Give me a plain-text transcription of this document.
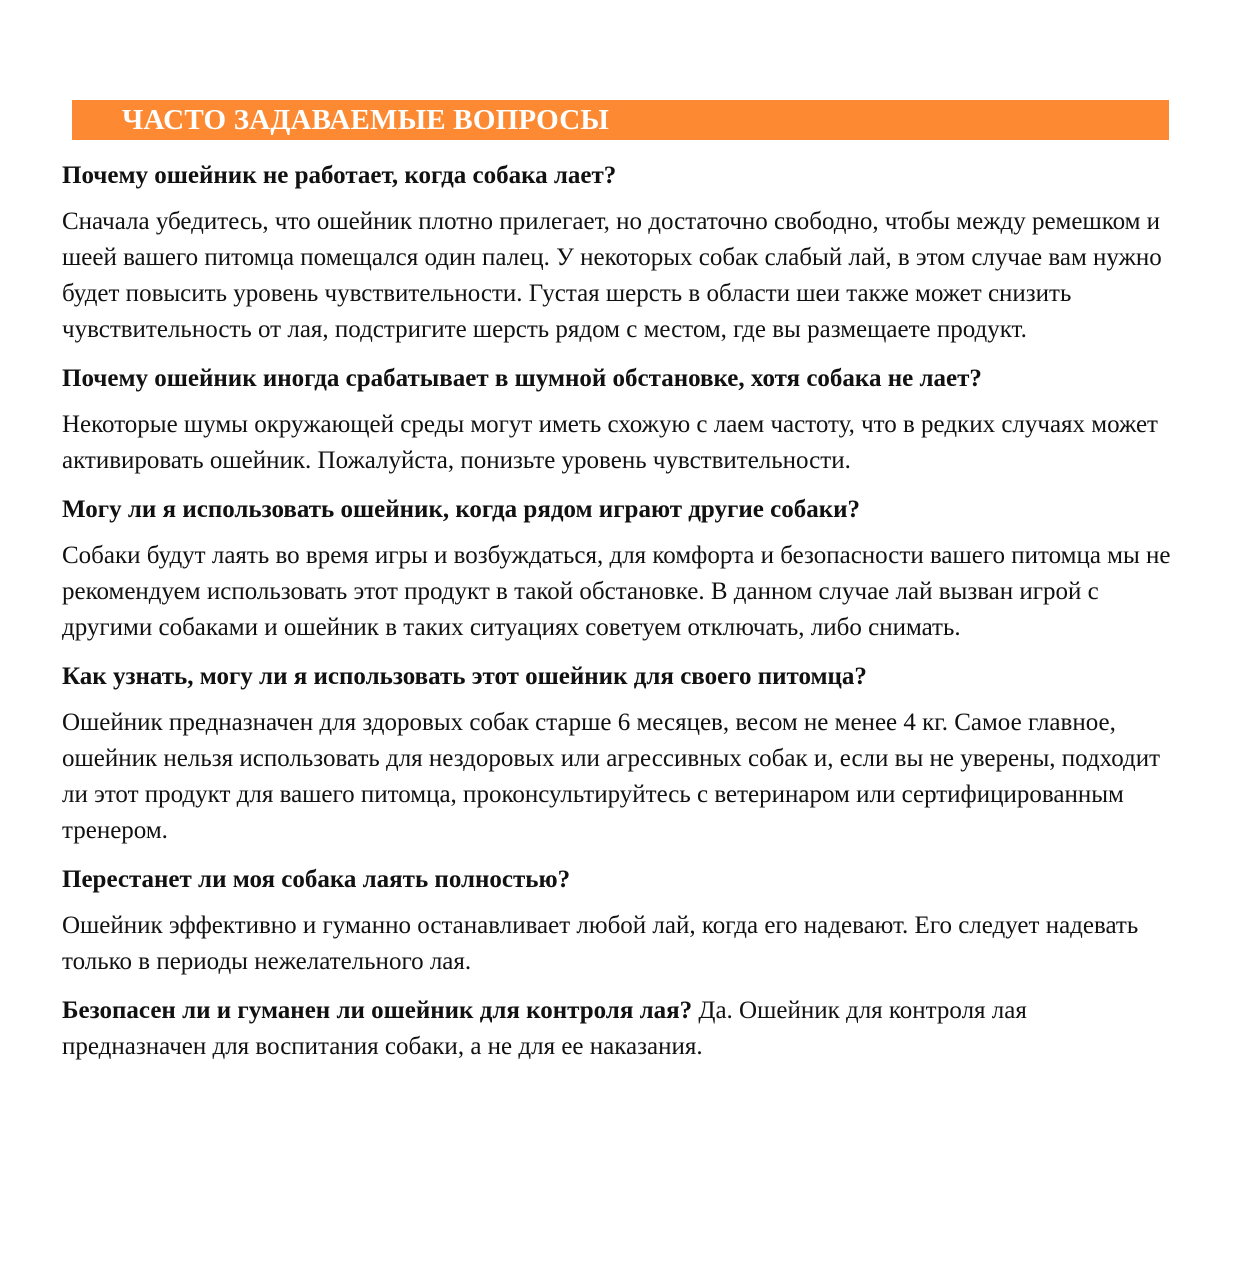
ЧАСТО ЗАДАВАЕМЫЕ ВОПРОСЫ

Почему ошейник не работает, когда собака лает?

Сначала убедитесь, что ошейник плотно прилегает, но достаточно свободно, чтобы между ремешком и шеей вашего питомца помещался один палец. У некоторых собак слабый лай, в этом случае вам нужно будет повысить уровень чувствительности. Густая шерсть в области шеи также может снизить чувствительность от лая, подстригите шерсть рядом с местом, где вы размещаете продукт.

Почему ошейник иногда срабатывает в шумной обстановке, хотя собака не лает?

Некоторые шумы окружающей среды могут иметь схожую с лаем частоту, что в редких случаях может активировать ошейник. Пожалуйста, понизьте уровень чувствительности.

Могу ли я использовать ошейник, когда рядом играют другие собаки?

Собаки будут лаять во время игры и возбуждаться, для комфорта и безопасности вашего питомца мы не рекомендуем использовать этот продукт в такой обстановке. В данном случае лай вызван игрой с другими собаками и ошейник в таких ситуациях советуем отключать, либо снимать.

Как узнать, могу ли я использовать этот ошейник для своего питомца?

Ошейник предназначен для здоровых собак старше 6 месяцев, весом не менее 4 кг. Самое главное, ошейник нельзя использовать для нездоровых или агрессивных собак и, если вы не уверены, подходит ли этот продукт для вашего питомца, проконсультируйтесь с ветеринаром или сертифицированным тренером.

Перестанет ли моя собака лаять полностью?

Ошейник эффективно и гуманно останавливает любой лай, когда его надевают. Его следует надевать только в периоды нежелательного лая.

Безопасен ли и гуманен ли ошейник для контроля лая? Да. Ошейник для контроля лая предназначен для воспитания собаки, а не для ее наказания.
